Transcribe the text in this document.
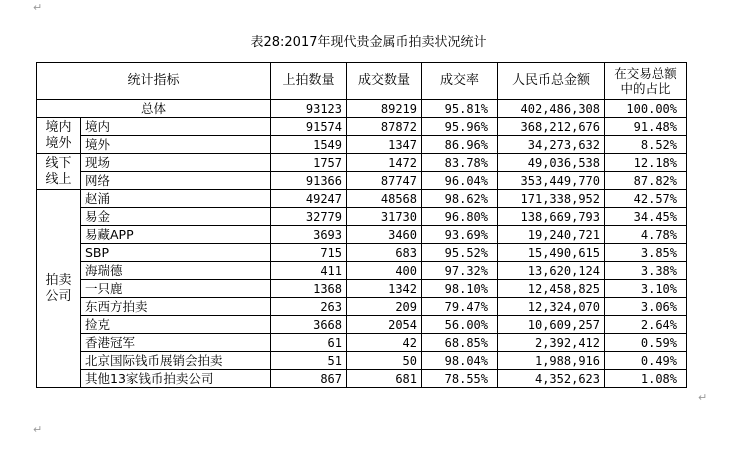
↵
表28:2017年现代贵金属币拍卖状况统计
统计指标		上拍数量	成交数量	成交率	人民币总金额	在交易总额中的占比
总体		93123	89219	95.81%	402,486,308	100.00%
境内境外	境内	91574	87872	95.96%	368,212,676	91.48%
	境外	1549	1347	86.96%	34,273,632	8.52%
线下线上	现场	1757	1472	83.78%	49,036,538	12.18%
	网络	91366	87747	96.04%	353,449,770	87.82%
拍卖公司	赵涌	49247	48568	98.62%	171,338,952	42.57%
	易金	32779	31730	96.80%	138,669,793	34.45%
	易藏APP	3693	3460	93.69%	19,240,721	4.78%
	SBP	715	683	95.52%	15,490,615	3.85%
	海瑞德	411	400	97.32%	13,620,124	3.38%
	一只鹿	1368	1342	98.10%	12,458,825	3.10%
	东西方拍卖	263	209	79.47%	12,324,070	3.06%
	捡克	3668	2054	56.00%	10,609,257	2.64%
	香港冠军	61	42	68.85%	2,392,412	0.59%
	北京国际钱币展销会拍卖	51	50	98.04%	1,988,916	0.49%
	其他13家钱币拍卖公司	867	681	78.55%	4,352,623	1.08%
↵
↵
